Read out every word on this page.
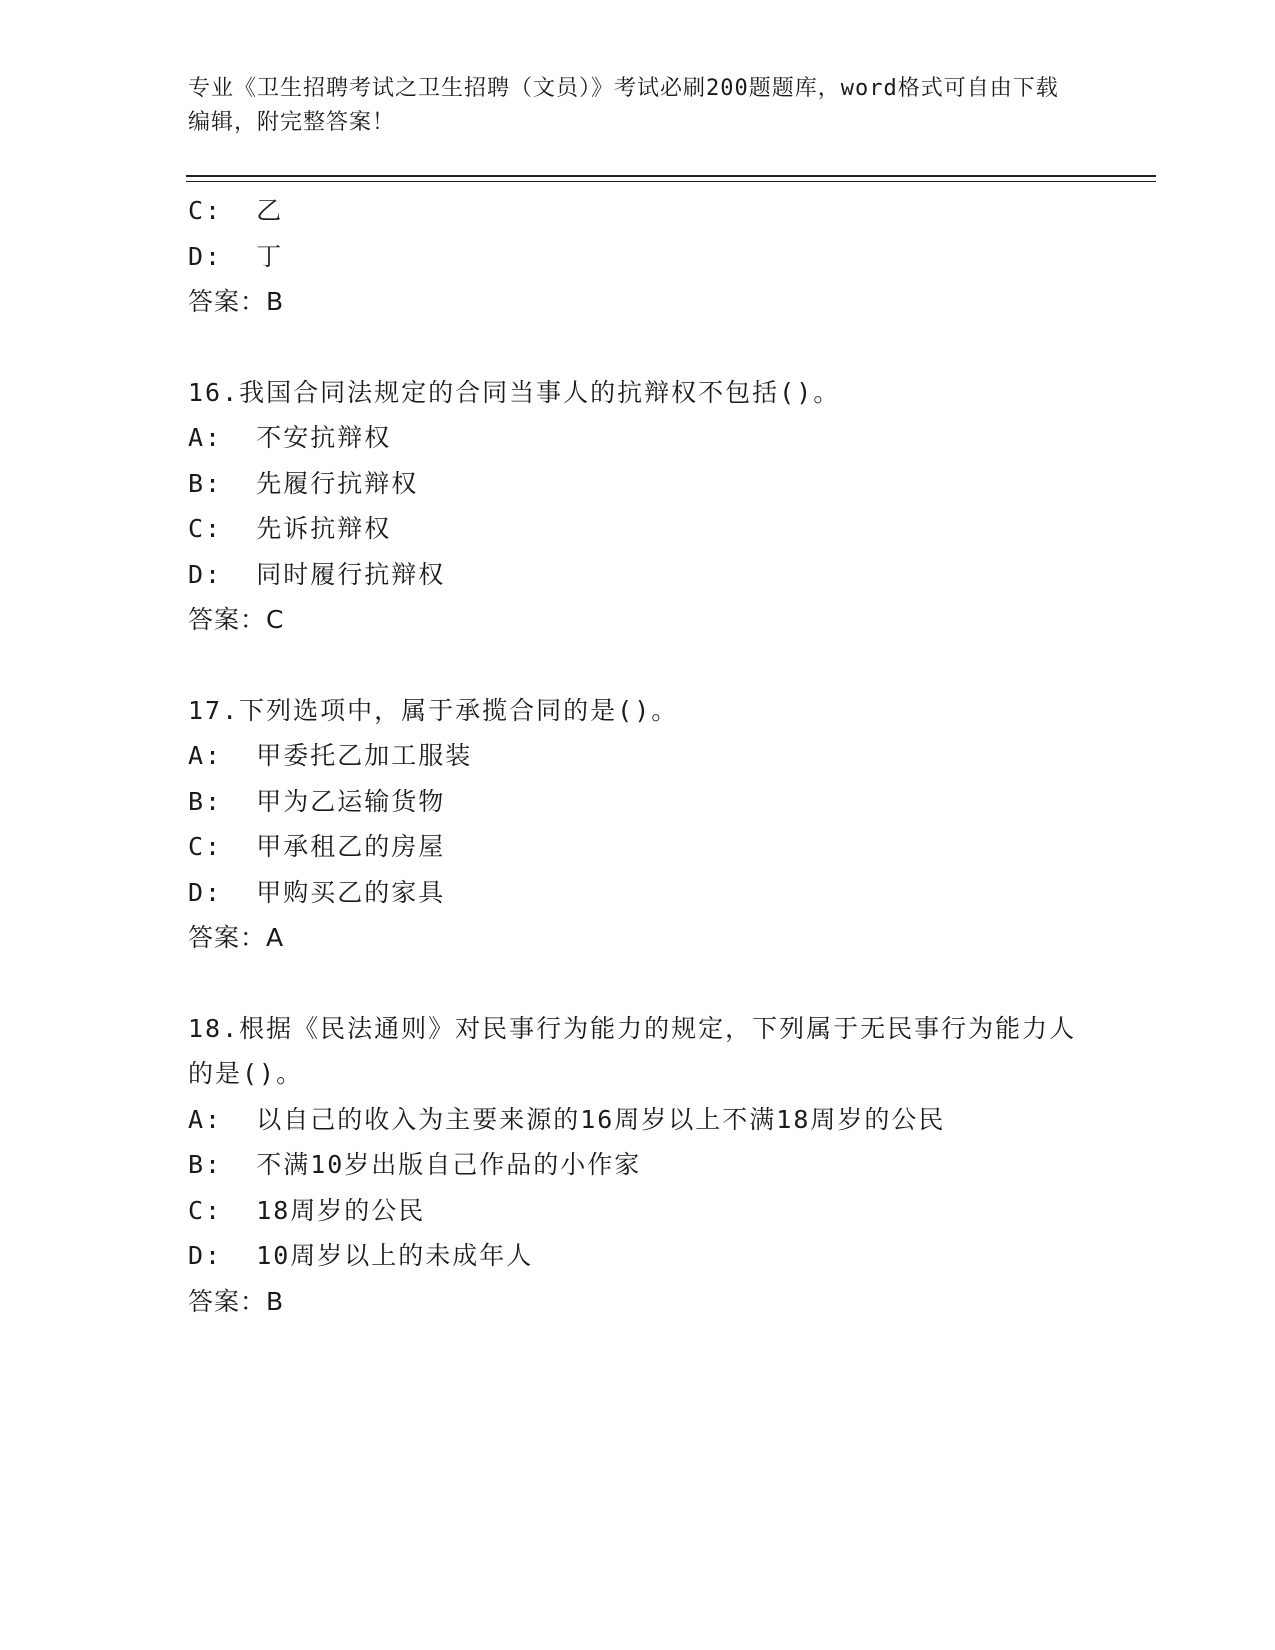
专业《卫生招聘考试之卫生招聘（文员）》考试必刷200题题库，word格式可自由下载编辑，附完整答案！
C:  乙
D:  丁
答案：B
16.我国合同法规定的合同当事人的抗辩权不包括()。
A:  不安抗辩权
B:  先履行抗辩权
C:  先诉抗辩权
D:  同时履行抗辩权
答案：C
17.下列选项中，属于承揽合同的是()。
A:  甲委托乙加工服装
B:  甲为乙运输货物
C:  甲承租乙的房屋
D:  甲购买乙的家具
答案：A
18.根据《民法通则》对民事行为能力的规定，下列属于无民事行为能力人的是()。
A:  以自己的收入为主要来源的16周岁以上不满18周岁的公民
B:  不满10岁出版自己作品的小作家
C:  18周岁的公民
D:  10周岁以上的未成年人
答案：B
